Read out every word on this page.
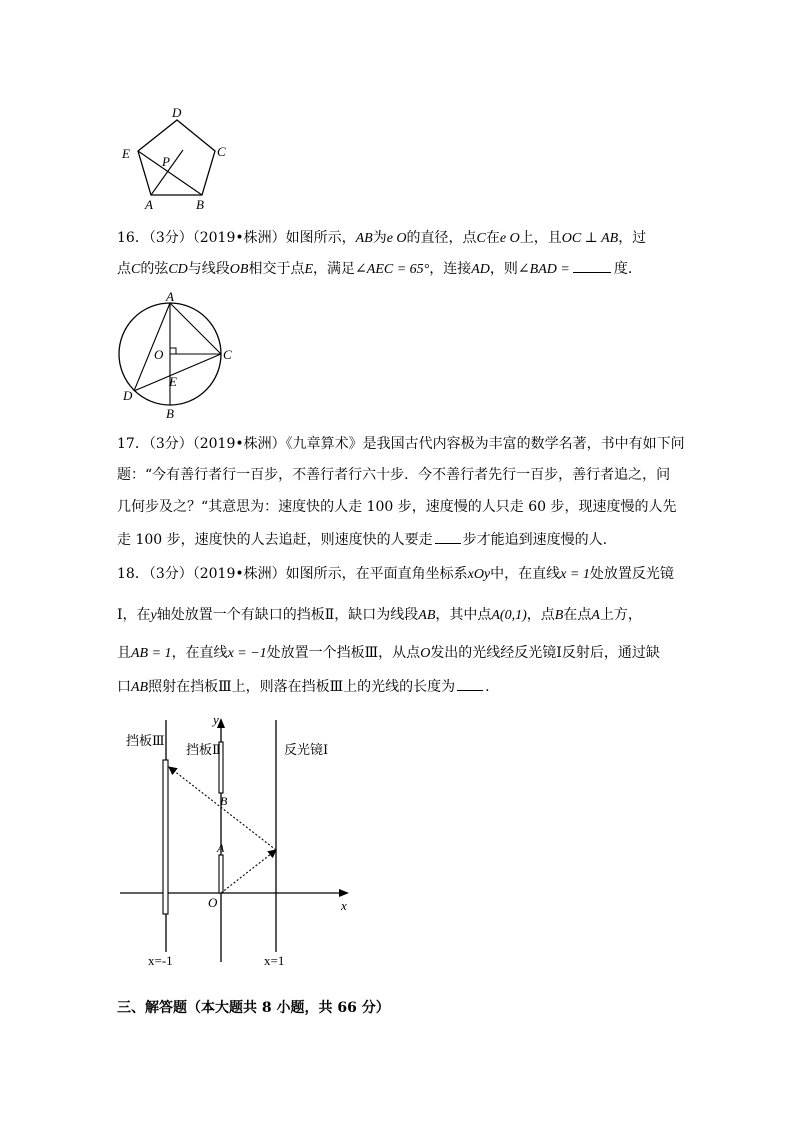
D
C
E
P
A	B
16．（3分）（2019•株洲）如图所示，AB为e O的直径，点C在e O上，且OC ⊥ AB，过
点C的弦CD与线段OB相交于点E，满足∠AEC = 65°，连接AD，则∠BAD =	度.
A
O	C
E
D
B
17．（3分）（2019•株洲）《九章算术》是我国古代内容极为丰富的数学名著，书中有如下问
题：“今有善行者行一百步，不善行者行六十步．今不善行者先行一百步，善行者追之，问
几何步及之？“其意思为：速度快的人走 100 步，速度慢的人只走 60 步，现速度慢的人先
走 100 步，速度快的人去追赶，则速度快的人要走 步才能追到速度慢的人.
18．（3分）（2019•株洲）如图所示，在平面直角坐标系xOy中，在直线x = 1处放置反光镜
Ⅰ，在y轴处放置一个有缺口的挡板Ⅱ，缺口为线段AB，其中点A(0,1)，点B在点A上方，
且AB = 1，在直线x = −1处放置一个挡板Ⅲ，从点O发出的光线经反光镜Ⅰ反射后，通过缺
口AB照射在挡板Ⅲ上，则落在挡板Ⅲ上的光线的长度为 .
挡板Ⅲ
挡板Ⅱ	反光镜Ⅰ
y
x
O
A
B
x=-1	x=1
三、解答题（本大题共 8 小题，共 66 分）
